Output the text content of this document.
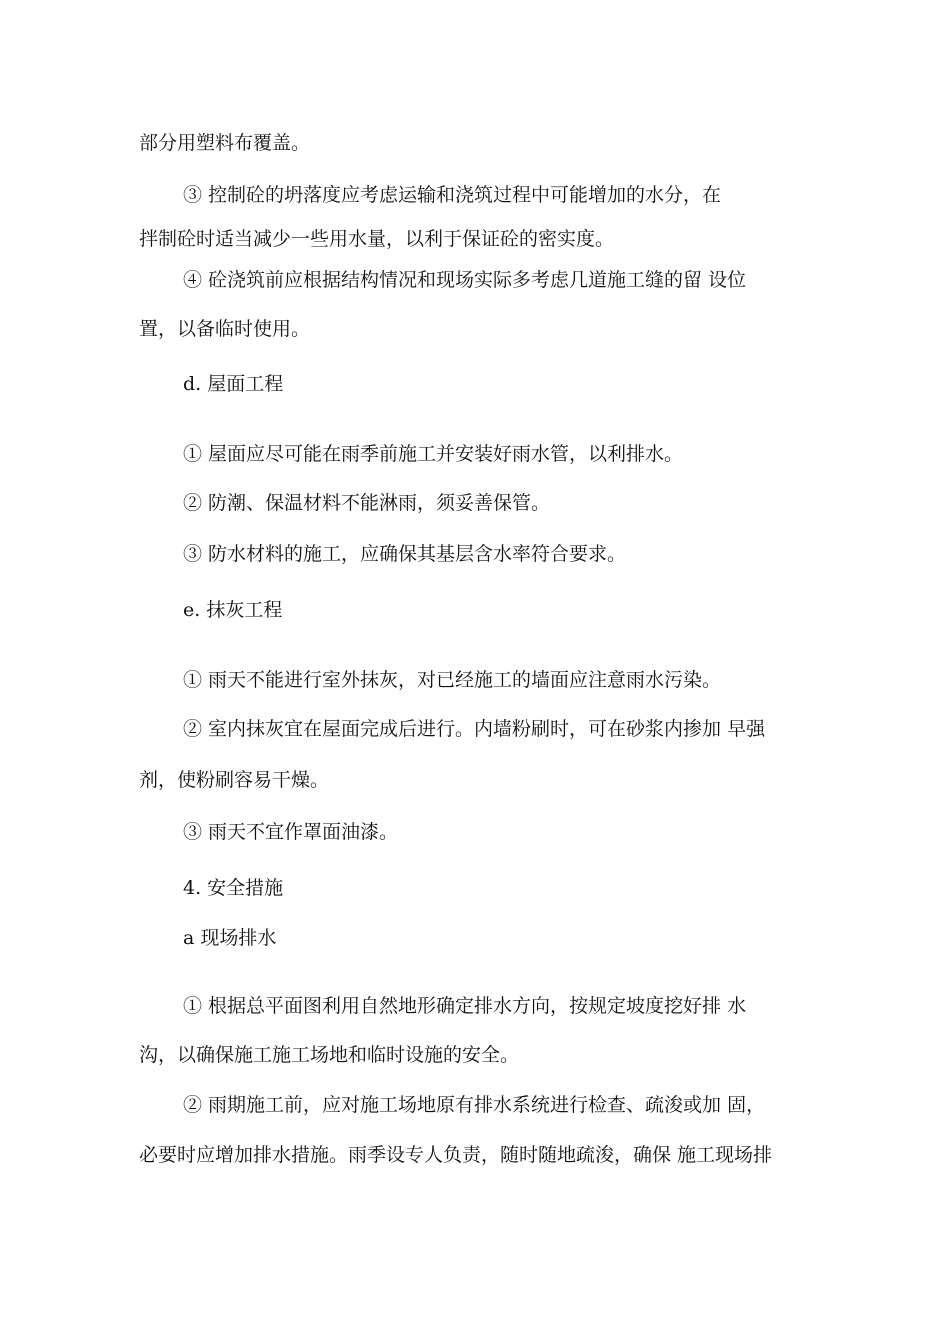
部分用塑料布覆盖。
③ 控制砼的坍落度应考虑运输和浇筑过程中可能增加的水分，在
拌制砼时适当减少一些用水量，以利于保证砼的密实度。
④ 砼浇筑前应根据结构情况和现场实际多考虑几道施工缝的留 设位
置，以备临时使用。
d. 屋面工程
① 屋面应尽可能在雨季前施工并安装好雨水管，以利排水。
② 防潮、保温材料不能淋雨，须妥善保管。
③ 防水材料的施工，应确保其基层含水率符合要求。
e. 抹灰工程
① 雨天不能进行室外抹灰，对已经施工的墙面应注意雨水污染。
② 室内抹灰宜在屋面完成后进行。内墙粉刷时，可在砂浆内掺加 早强
剂，使粉刷容易干燥。
③ 雨天不宜作罩面油漆。
4. 安全措施
a 现场排水
① 根据总平面图利用自然地形确定排水方向，按规定坡度挖好排 水
沟，以确保施工施工场地和临时设施的安全。
② 雨期施工前，应对施工场地原有排水系统进行检查、疏浚或加 固，
必要时应增加排水措施。雨季设专人负责，随时随地疏浚，确保 施工现场排
